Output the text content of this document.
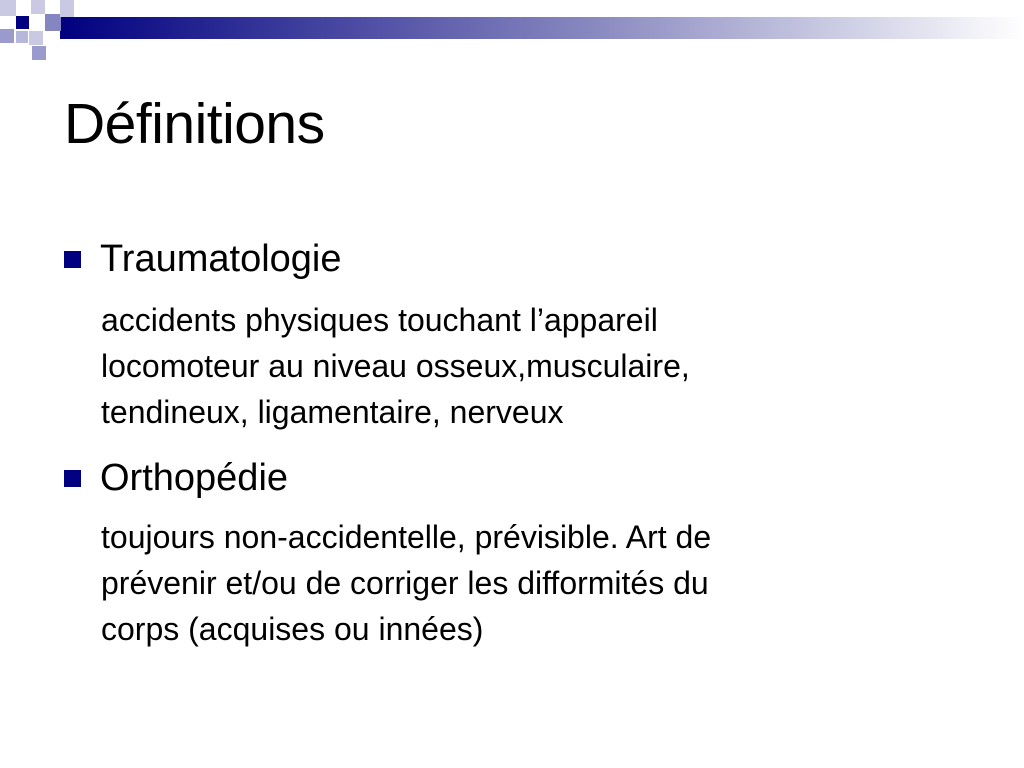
Définitions
Traumatologie

accidents physiques touchant l’appareil
locomoteur au niveau osseux,musculaire,
tendineux, ligamentaire, nerveux

Orthopédie

toujours non-accidentelle, prévisible. Art de
prévenir et/ou de corriger les difformités du
corps (acquises ou innées)
